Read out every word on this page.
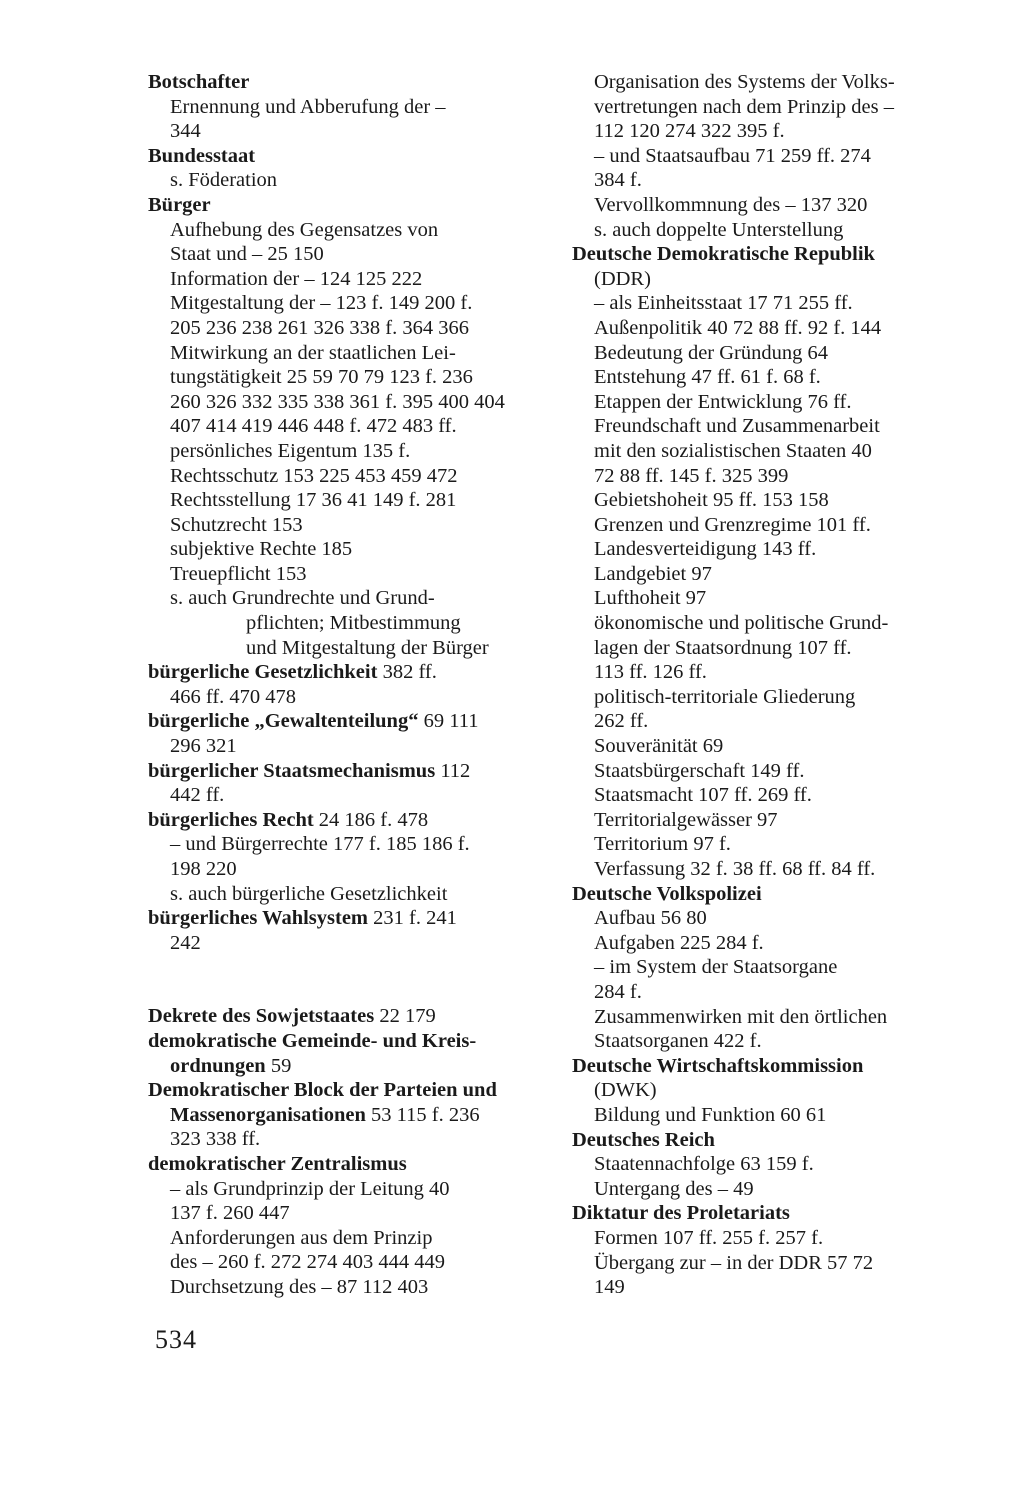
Botschafter
Ernennung und Abberufung der –
344
Bundesstaat
s. Föderation
Bürger
Aufhebung des Gegensatzes von
Staat und – 25 150
Information der – 124 125 222
Mitgestaltung der – 123 f. 149 200 f.
205 236 238 261 326 338 f. 364 366
Mitwirkung an der staatlichen Lei-
tungstätigkeit 25 59 70 79 123 f. 236
260 326 332 335 338 361 f. 395 400 404
407 414 419 446 448 f. 472 483 ff.
persönliches Eigentum 135 f.
Rechtsschutz 153 225 453 459 472
Rechtsstellung 17 36 41 149 f. 281
Schutzrecht 153
subjektive Rechte 185
Treuepflicht 153
s. auch Grundrechte und Grund-
pflichten; Mitbestimmung
und Mitgestaltung der Bürger
bürgerliche Gesetzlichkeit 382 ff.
466 ff. 470 478
bürgerliche „Gewaltenteilung“ 69 111
296 321
bürgerlicher Staatsmechanismus 112
442 ff.
bürgerliches Recht 24 186 f. 478
– und Bürgerrechte 177 f. 185 186 f.
198 220
s. auch bürgerliche Gesetzlichkeit
bürgerliches Wahlsystem 231 f. 241
242
Dekrete des Sowjetstaates 22 179
demokratische Gemeinde- und Kreis-
ordnungen 59
Demokratischer Block der Parteien und
Massenorganisationen 53 115 f. 236
323 338 ff.
demokratischer Zentralismus
– als Grundprinzip der Leitung 40
137 f. 260 447
Anforderungen aus dem Prinzip
des – 260 f. 272 274 403 444 449
Durchsetzung des – 87 112 403
Organisation des Systems der Volks-
vertretungen nach dem Prinzip des –
112 120 274 322 395 f.
– und Staatsaufbau 71 259 ff. 274
384 f.
Vervollkommnung des – 137 320
s. auch doppelte Unterstellung
Deutsche Demokratische Republik
(DDR)
– als Einheitsstaat 17 71 255 ff.
Außenpolitik 40 72 88 ff. 92 f. 144
Bedeutung der Gründung 64
Entstehung 47 ff. 61 f. 68 f.
Etappen der Entwicklung 76 ff.
Freundschaft und Zusammenarbeit
mit den sozialistischen Staaten 40
72 88 ff. 145 f. 325 399
Gebietshoheit 95 ff. 153 158
Grenzen und Grenzregime 101 ff.
Landesverteidigung 143 ff.
Landgebiet 97
Lufthoheit 97
ökonomische und politische Grund-
lagen der Staatsordnung 107 ff.
113 ff. 126 ff.
politisch-territoriale Gliederung
262 ff.
Souveränität 69
Staatsbürgerschaft 149 ff.
Staatsmacht 107 ff. 269 ff.
Territorialgewässer 97
Territorium 97 f.
Verfassung 32 f. 38 ff. 68 ff. 84 ff.
Deutsche Volkspolizei
Aufbau 56 80
Aufgaben 225 284 f.
– im System der Staatsorgane
284 f.
Zusammenwirken mit den örtlichen
Staatsorganen 422 f.
Deutsche Wirtschaftskommission
(DWK)
Bildung und Funktion 60 61
Deutsches Reich
Staatennachfolge 63 159 f.
Untergang des – 49
Diktatur des Proletariats
Formen 107 ff. 255 f. 257 f.
Übergang zur – in der DDR 57 72
149
534
